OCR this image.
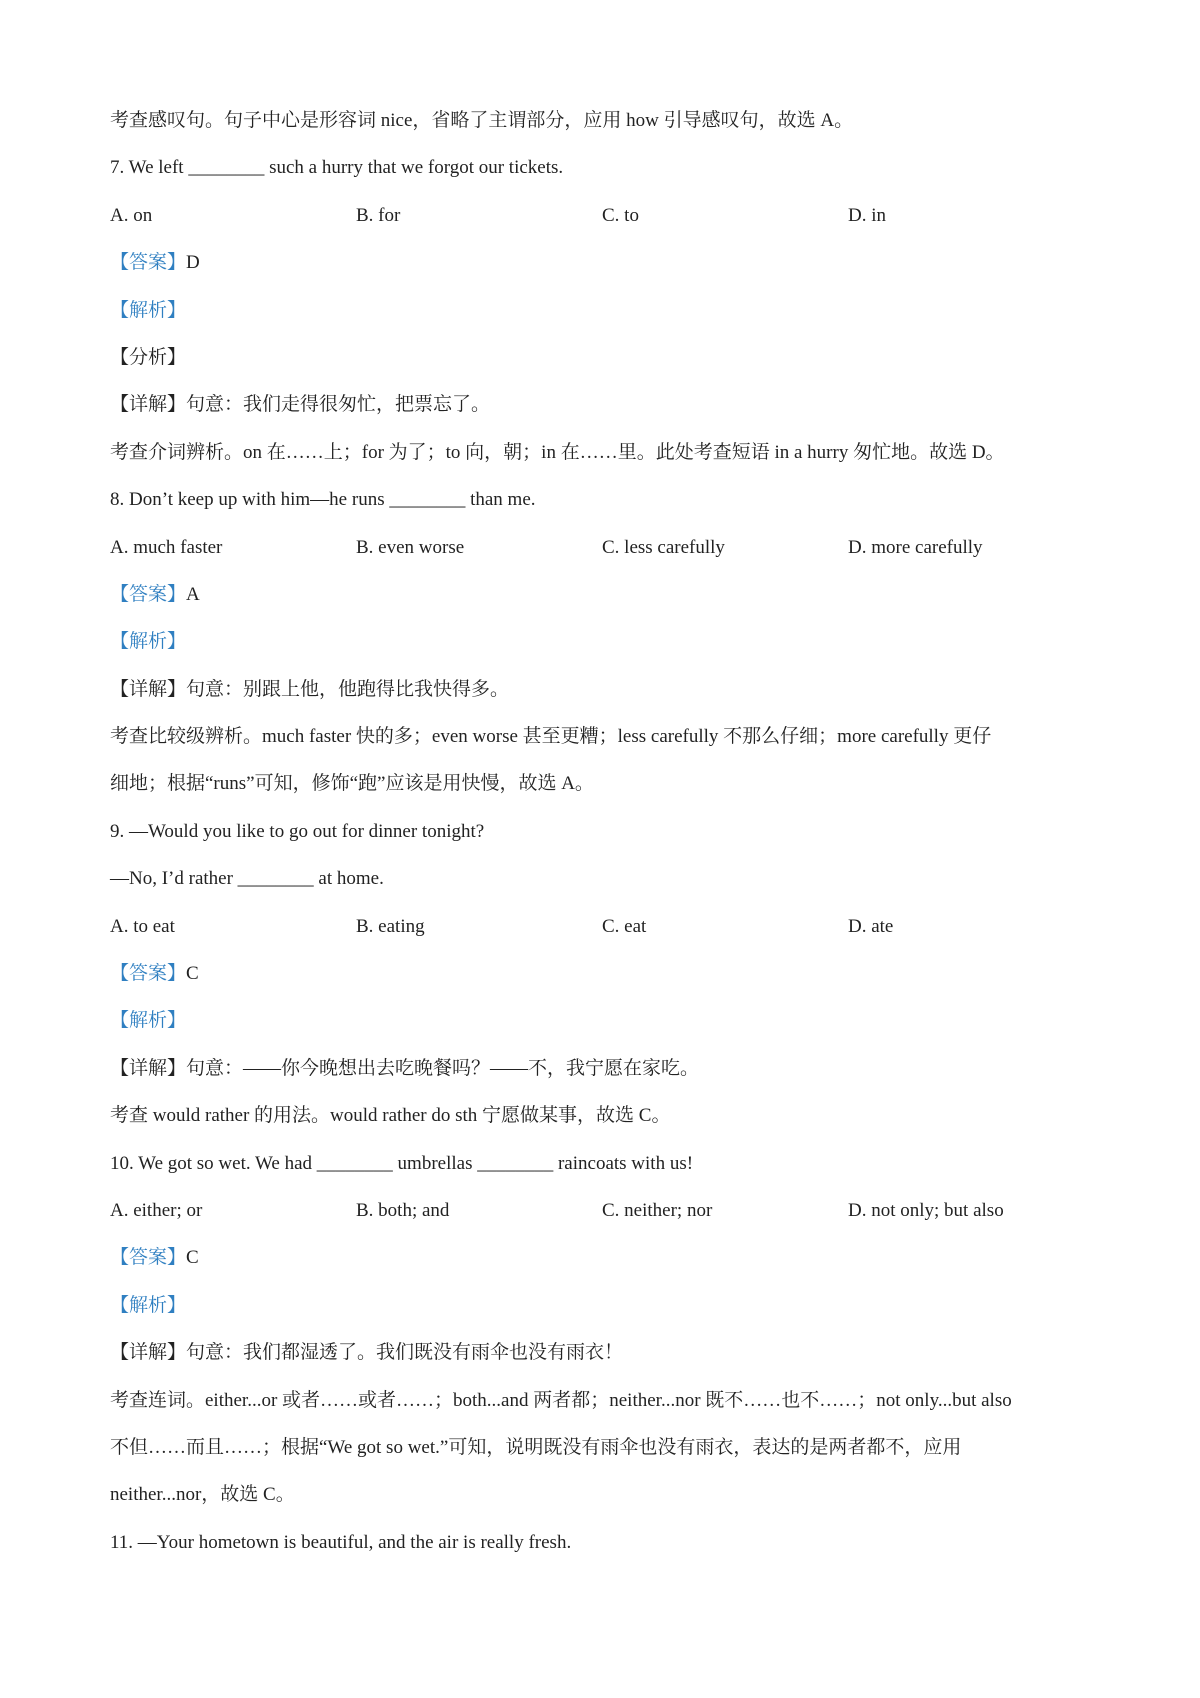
考查感叹句。句子中心是形容词 nice，省略了主谓部分，应用 how 引导感叹句，故选 A。
7. We left ________ such a hurry that we forgot our tickets.
A. on	B. for	C. to	D. in
【答案】D
【解析】
【分析】
【详解】句意：我们走得很匆忙，把票忘了。
考查介词辨析。on 在……上；for 为了；to 向，朝；in 在……里。此处考查短语 in a hurry 匆忙地。故选 D。
8. Don’t keep up with him—he runs ________ than me.
A. much faster	B. even worse	C. less carefully	D. more carefully
【答案】A
【解析】
【详解】句意：别跟上他，他跑得比我快得多。
考查比较级辨析。much faster 快的多；even worse 甚至更糟；less carefully 不那么仔细；more carefully 更仔
细地；根据“runs”可知，修饰“跑”应该是用快慢，故选 A。
9. —Would you like to go out for dinner tonight?
—No, I’d rather ________ at home.
A. to eat	B. eating	C. eat	D. ate
【答案】C
【解析】
【详解】句意：——你今晚想出去吃晚餐吗？——不，我宁愿在家吃。
考查 would rather 的用法。would rather do sth 宁愿做某事，故选 C。
10. We got so wet. We had ________ umbrellas ________ raincoats with us!
A. either; or	B. both; and	C. neither; nor	D. not only; but also
【答案】C
【解析】
【详解】句意：我们都湿透了。我们既没有雨伞也没有雨衣！
考查连词。either...or 或者……或者……；both...and 两者都；neither...nor 既不……也不……；not only...but also
不但……而且……；根据“We got so wet.”可知，说明既没有雨伞也没有雨衣，表达的是两者都不，应用
neither...nor，故选 C。
11. —Your hometown is beautiful, and the air is really fresh.
